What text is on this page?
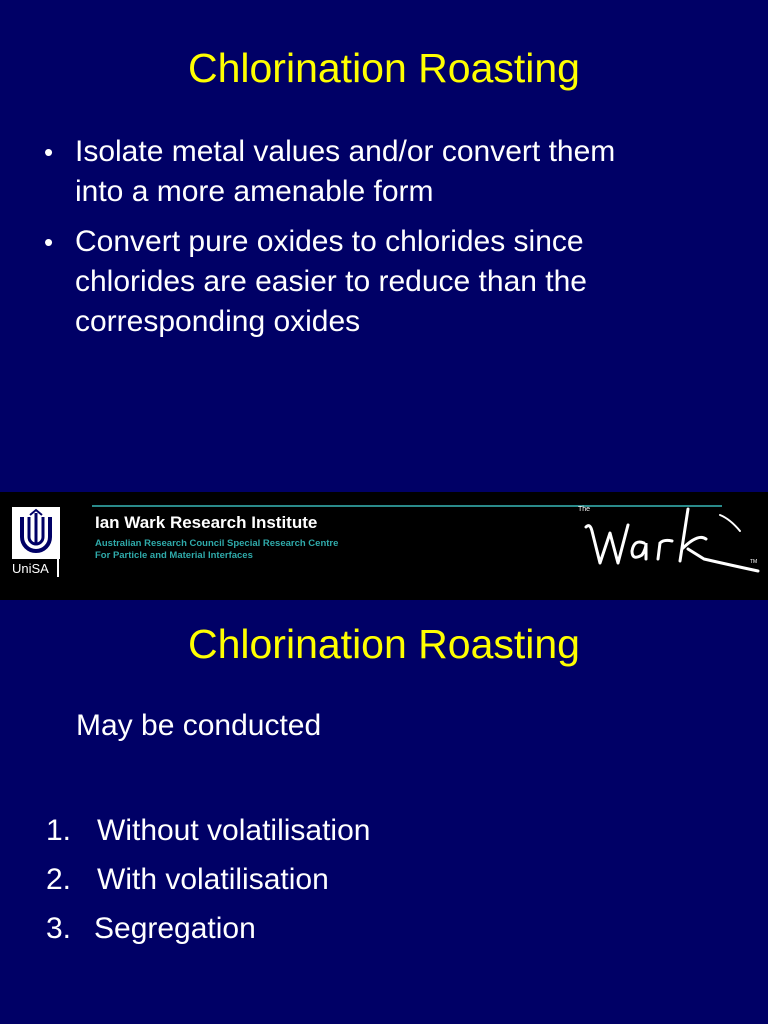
Chlorination Roasting
• Isolate metal values and/or convert them
into a more amenable form
• Convert pure oxides to chlorides since
chlorides are easier to reduce than the
corresponding oxides
UniSA
Ian Wark Research Institute
Australian Research Council Special Research Centre
For Particle and Material Interfaces
The
TM
Chlorination Roasting
May be conducted
1. Without volatilisation
2. With volatilisation
3. Segregation
